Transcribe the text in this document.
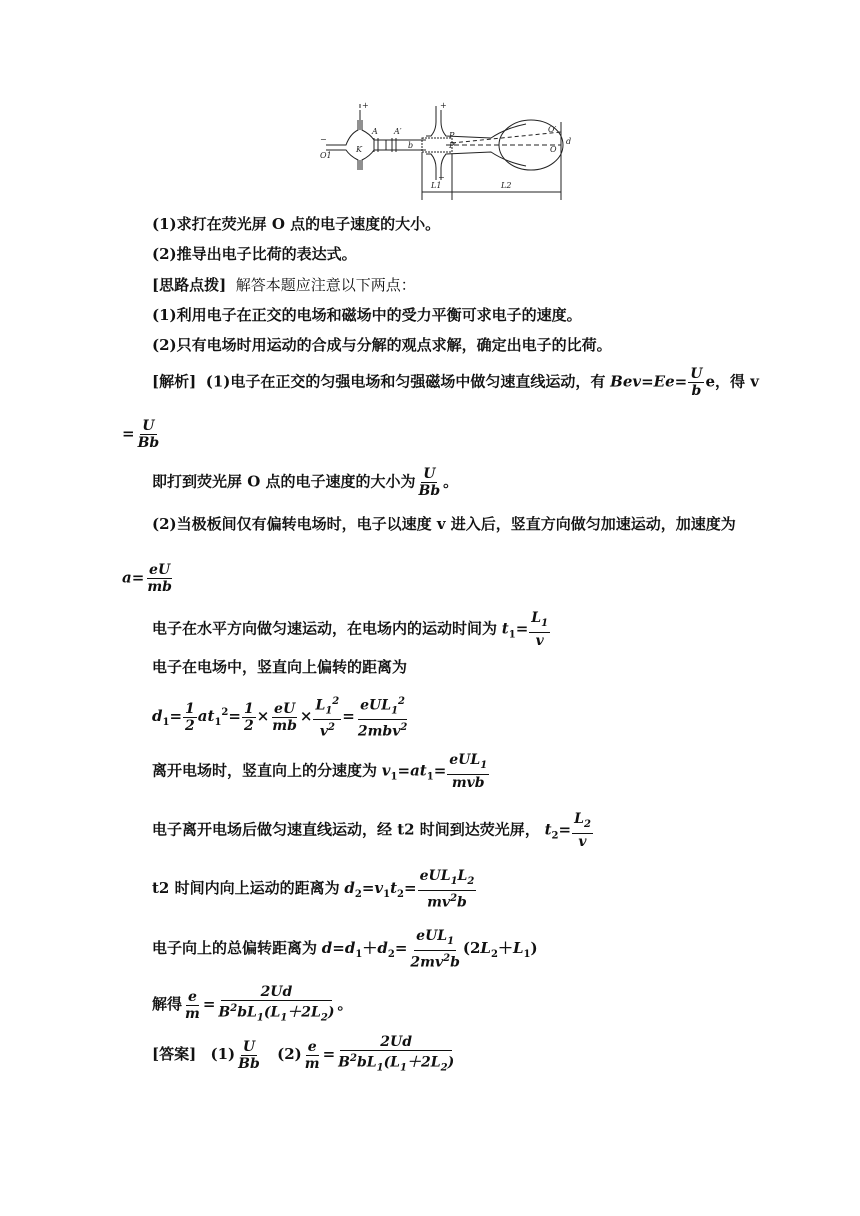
+
−
O1
K
A A′
b
+
−
P
P′
O′
O
d
L1	L2
(1)求打在荧光屏 O 点的电子速度的大小。
(2)推导出电子比荷的表达式。
[思路点拨] 解答本题应注意以下两点：
(1)利用电子在正交的电场和磁场中的受力平衡可求电子的速度。
(2)只有电场时用运动的合成与分解的观点求解，确定出电子的比荷。
[解析] (1)电子在正交的匀强电场和匀强磁场中做匀速直线运动，有 $Bev=Ee= \frac{U}{b}$ e，得 v
= $\frac{U}{Bb}$
即打到荧光屏 O 点的电子速度的大小为 $\frac{U}{Bb}$ 。
(2)当极板间仅有偏转电场时，电子以速度 v 进入后，竖直方向做匀加速运动，加速度为
$a= \frac{eU}{mb}$
电子在水平方向做匀速运动，在电场内的运动时间为 $t_1= \frac{L_1}{v}$
电子在电场中，竖直向上偏转的距离为
$d_1= \frac{1}{2} at_1^2= \frac{1}{2} \times \frac{eU}{mb} \times \frac{L_1^2}{v^2} = \frac{eUL_1^2}{2mbv^2}$
离开电场时，竖直向上的分速度为 $v_1=at_1= \frac{eUL_1}{\text{mvb}}$
电子离开电场后做匀速直线运动，经 t2 时间到达荧光屏， $t_2= \frac{L_2}{v}$
t2 时间内向上运动的距离为 $d_2=v_1t_2= \frac{eUL_1L_2}{mv^2b}$
电子向上的总偏转距离为 $d=d_1+d_2= \frac{eUL_1}{2mv^2b} (2L_2+L_1)$
解得 $\frac{e}{m} = \frac{2Ud}{B^2bL_1(L_1+2L_2)}$ 。
[答案] $(1) \frac{U}{Bb} (2) \frac{e}{m} = \frac{2Ud}{B^2bL_1(L_1+2L_2)}$
